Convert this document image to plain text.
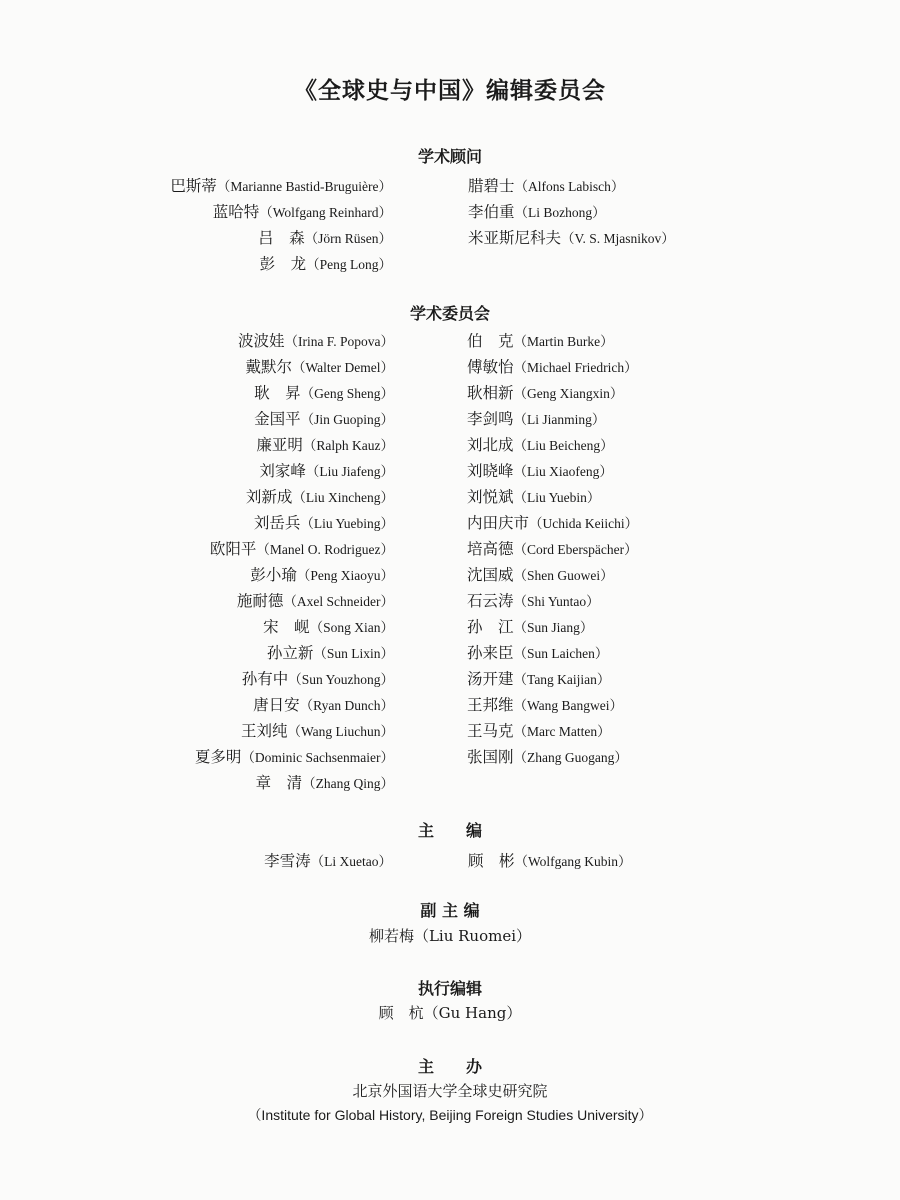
《全球史与中国》编辑委员会
学术顾问
巴斯蒂（Marianne Bastid-Bruguière）
蓝哈特（Wolfgang Reinhard）
吕　森（Jörn Rüsen）
彭　龙（Peng Long）
腊碧士（Alfons Labisch）
李伯重（Li Bozhong）
米亚斯尼科夫（V. S. Mjasnikov）
学术委员会
波波娃（Irina F. Popova）
戴默尔（Walter Demel）
耿　昇（Geng Sheng）
金国平（Jin Guoping）
廉亚明（Ralph Kauz）
刘家峰（Liu Jiafeng）
刘新成（Liu Xincheng）
刘岳兵（Liu Yuebing）
欧阳平（Manel O. Rodriguez）
彭小瑜（Peng Xiaoyu）
施耐德（Axel Schneider）
宋　岘（Song Xian）
孙立新（Sun Lixin）
孙有中（Sun Youzhong）
唐日安（Ryan Dunch）
王刘纯（Wang Liuchun）
夏多明（Dominic Sachsenmaier）
章　清（Zhang Qing）
伯　克（Martin Burke）
傅敏怡（Michael Friedrich）
耿相新（Geng Xiangxin）
李剑鸣（Li Jianming）
刘北成（Liu Beicheng）
刘晓峰（Liu Xiaofeng）
刘悦斌（Liu Yuebin）
内田庆市（Uchida Keiichi）
培高德（Cord Eberspächer）
沈国威（Shen Guowei）
石云涛（Shi Yuntao）
孙　江（Sun Jiang）
孙来臣（Sun Laichen）
汤开建（Tang Kaijian）
王邦维（Wang Bangwei）
王马克（Marc Matten）
张国刚（Zhang Guogang）
主　　编
李雪涛（Li Xuetao）	顾　彬（Wolfgang Kubin）
副 主 编
柳若梅（Liu Ruomei）
执行编辑
顾　杭（Gu Hang）
主　　办
北京外国语大学全球史研究院
（Institute for Global History, Beijing Foreign Studies University）
